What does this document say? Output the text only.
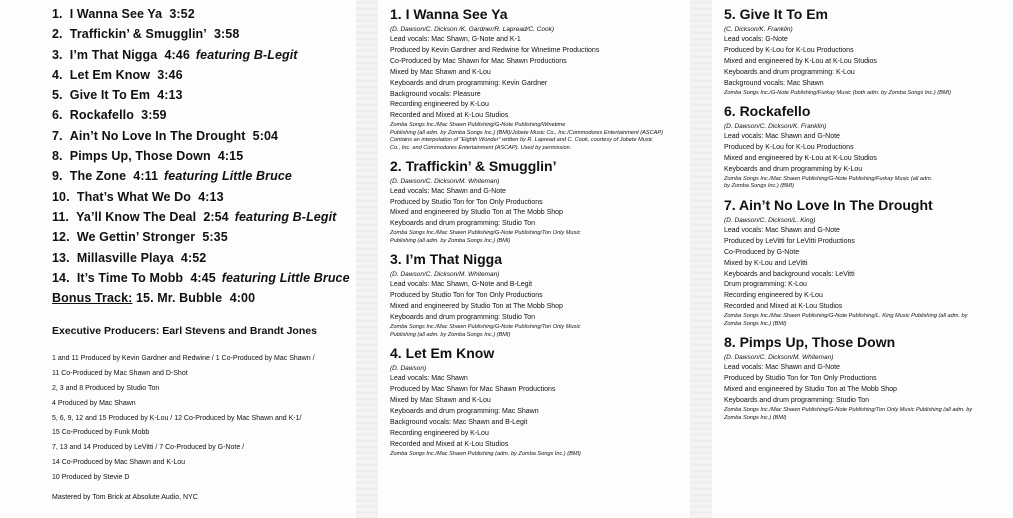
1. I Wanna See Ya 3:52
2. Traffickin’ & Smugglin’ 3:58
3. I’m That Nigga 4:46 featuring B-Legit
4. Let Em Know 3:46
5. Give It To Em 4:13
6. Rockafello 3:59
7. Ain’t No Love In The Drought 5:04
8. Pimps Up, Those Down 4:15
9. The Zone 4:11 featuring Little Bruce
10. That’s What We Do 4:13
11. Ya’ll Know The Deal 2:54 featuring B-Legit
12. We Gettin’ Stronger 5:35
13. Millasville Playa 4:52
14. It’s Time To Mobb 4:45 featuring Little Bruce
Bonus Track: 15. Mr. Bubble 4:00
Executive Producers: Earl Stevens and Brandt Jones
1 and 11 Produced by Kevin Gardner and Redwine / 1 Co-Produced by Mac Shawn /
11 Co-Produced by Mac Shawn and D-Shot
2, 3 and 8 Produced by Studio Ton
4 Produced by Mac Shawn
5, 6, 9, 12 and 15 Produced by K-Lou / 12 Co-Produced by Mac Shawn and K-1/
15 Co-Produced by Funk Mobb
7, 13 and 14 Produced by LeVitti / 7 Co-Produced by G-Note /
14 Co-Produced by Mac Shawn and K-Lou
10 Produced by Stevie D
Mastered by Tom Brick at Absolute Audio, NYC
1. I Wanna See Ya
(D. Dawson/C. Dickson /K. Gardner/R. Lapread/C. Cook)
Lead vocals: Mac Shawn, G-Note and K-1
Produced by Kevin Gardner and Redwine for Winetime Productions
Co-Produced by Mac Shawn for Mac Shawn Productions
Mixed by Mac Shawn and K-Lou
Keyboards and drum programming: Kevin Gardner
Background vocals: Pleasure
Recording engineered by K-Lou
Recorded and Mixed at K-Lou Studios
Zomba Songs Inc./Mac Shawn Publishing/G-Note Publishing/Winetime
Publishing (all adm. by Zomba Songs Inc.) (BMI)/Jobete Music Co., Inc./Commodores Entertainment (ASCAP)
Contains an interpolation of “Eighth Wonder” written by R. Lapread and C. Cook, courtesy of Jobete Music
Co., Inc. and Commodores Entertainment (ASCAP). Used by permission.
2. Traffickin’ & Smugglin’
(D. Dawson/C. Dickson/M. Whiteman)
Lead vocals: Mac Shawn and G-Note
Produced by Studio Ton for Ton Only Productions
Mixed and engineered by Studio Ton at The Mobb Shop
Keyboards and drum programming: Studio Ton
Zomba Songs Inc./Mac Shawn Publishing/G-Note Publishing/Ton Only Music
Publishing (all adm. by Zomba Songs Inc.) (BMI)
3. I’m That Nigga
(D. Dawson/C. Dickson/M. Whiteman)
Lead vocals: Mac Shawn, G-Note and B-Legit
Produced by Studio Ton for Ton Only Productions
Mixed and engineered by Studio Ton at The Mobb Shop
Keyboards and drum programming: Studio Ton
Zomba Songs Inc./Mac Shawn Publishing/G-Note Publishing/Ton Only Music
Publishing (all adm. by Zomba Songs Inc.) (BMI)
4. Let Em Know
(D. Dawson)
Lead vocals: Mac Shawn
Produced by Mac Shawn for Mac Shawn Productions
Mixed by Mac Shawn and K-Lou
Keyboards and drum programming: Mac Shawn
Background vocals: Mac Shawn and B-Legit
Recording engineered by K-Lou
Recorded and Mixed at K-Lou Studios
Zomba Songs Inc./Mac Shawn Publishing (adm. by Zomba Songs Inc.) (BMI)
5. Give It To Em
(C. Dickson/K. Franklin)
Lead vocals: G-Note
Produced by K-Lou for K-Lou Productions
Mixed and engineered by K-Lou at K-Lou Studios
Keyboards and drum programming: K-Lou
Background vocals: Mac Shawn
Zomba Songs Inc./G-Note Publishing/Furkay Music (both adm. by Zomba Songs Inc.) (BMI)
6. Rockafello
(D. Dawson/C. Dickson/K. Franklin)
Lead vocals: Mac Shawn and G-Note
Produced by K-Lou for K-Lou Productions
Mixed and engineered by K-Lou at K-Lou Studios
Keyboards and drum programming by K-Lou
Zomba Songs Inc./Mac Shawn Publishing/G-Note Publishing/Furkay Music (all adm.
by Zomba Songs Inc.) (BMI)
7. Ain’t No Love In The Drought
(D. Dawson/C. Dickson/L. King)
Lead vocals: Mac Shawn and G-Note
Produced by LeVitti for LeVitti Productions
Co-Produced by G-Note
Mixed by K-Lou and LeVitti
Keyboards and background vocals: LeVitti
Drum programming: K-Lou
Recording engineered by K-Lou
Recorded and Mixed at K-Lou Studios
Zomba Songs Inc./Mac Shawn Publishing/G-Note Publishing/L. King Music Publishing (all adm. by
Zomba Songs Inc.) (BMI)
8. Pimps Up, Those Down
(D. Dawson/C. Dickson/M. Whiteman)
Lead vocals: Mac Shawn and G-Note
Produced by Studio Ton for Ton Only Productions
Mixed and engineered by Studio Ton at The Mobb Shop
Keyboards and drum programming: Studio Ton
Zomba Songs Inc./Mac Shawn Publishing/G-Note Publishing/Ton Only Music Publishing (all adm. by
Zomba Songs Inc.) (BMI)
